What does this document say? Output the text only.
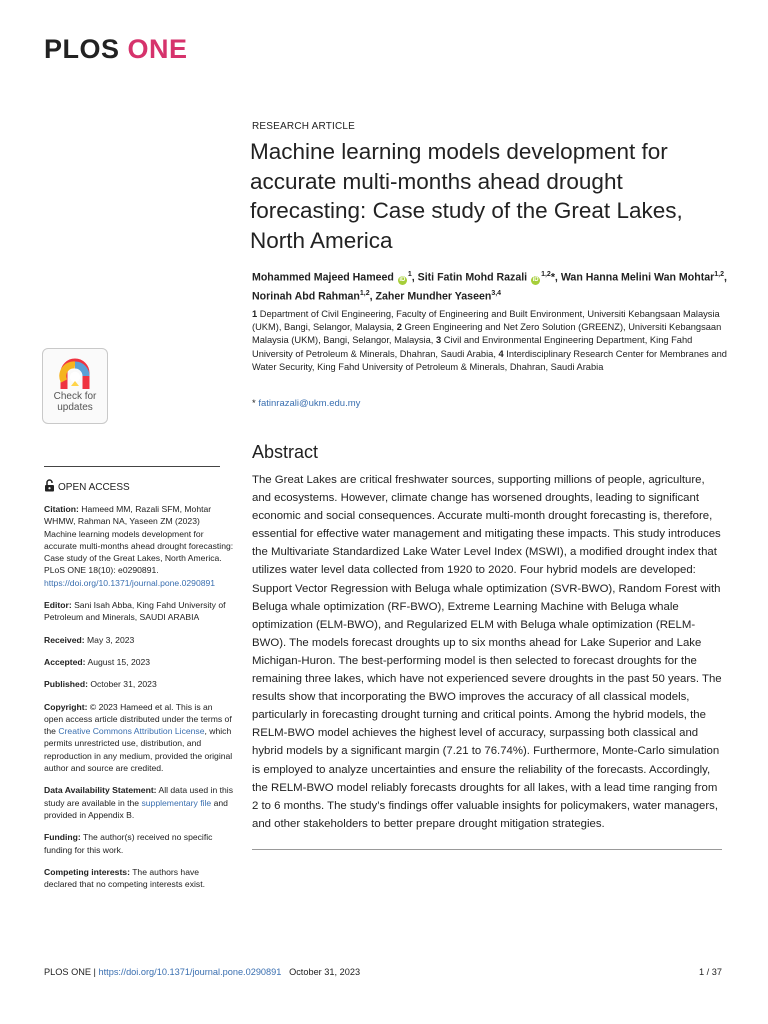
PLOS ONE
Check for
updates
RESEARCH ARTICLE
Machine learning models development for accurate multi-months ahead drought forecasting: Case study of the Great Lakes, North America
Mohammed Majeed Hameed $iD^1$, Siti Fatin Mohd Razali iD$^{1,2}$*, Wan Hanna Melini Wan Mohtar$^{1,2}$, Norinah Abd Rahman$^{1,2}$, Zaher Mundher Yaseen$^{3,4}$
1 Department of Civil Engineering, Faculty of Engineering and Built Environment, Universiti Kebangsaan Malaysia (UKM), Bangi, Selangor, Malaysia, 2 Green Engineering and Net Zero Solution (GREENZ), Universiti Kebangsaan Malaysia (UKM), Bangi, Selangor, Malaysia, 3 Civil and Environmental Engineering Department, King Fahd University of Petroleum & Minerals, Dhahran, Saudi Arabia, 4 Interdisciplinary Research Center for Membranes and Water Security, King Fahd University of Petroleum & Minerals, Dhahran, Saudi Arabia
* fatinrazali@ukm.edu.my
Abstract

The Great Lakes are critical freshwater sources, supporting millions of people, agriculture, and ecosystems. However, climate change has worsened droughts, leading to significant economic and social consequences. Accurate multi-month drought forecasting is, therefore, essential for effective water management and mitigating these impacts. This study introduces the Multivariate Standardized Lake Water Level Index (MSWI), a modified drought index that utilizes water level data collected from 1920 to 2020. Four hybrid models are developed: Support Vector Regression with Beluga whale optimization (SVR-BWO), Random Forest with Beluga whale optimization (RF-BWO), Extreme Learning Machine with Beluga whale optimization (ELM-BWO), and Regularized ELM with Beluga whale optimization (RELM-BWO). The models forecast droughts up to six months ahead for Lake Superior and Lake Michigan-Huron. The best-performing model is then selected to forecast droughts for the remaining three lakes, which have not experienced severe droughts in the past 50 years. The results show that incorporating the BWO improves the accuracy of all classical models, particularly in forecasting drought turning and critical points. Among the hybrid models, the RELM-BWO model achieves the highest level of accuracy, surpassing both classical and hybrid models by a significant margin (7.21 to 76.74%). Furthermore, Monte-Carlo simulation is employed to analyze uncertainties and ensure the reliability of the forecasts. Accordingly, the RELM-BWO model reliably forecasts droughts for all lakes, with a lead time ranging from 2 to 6 months. The study’s findings offer valuable insights for policymakers, water managers, and other stakeholders to better prepare drought mitigation strategies.

OPEN ACCESS

Citation: Hameed MM, Razali SFM, Mohtar WHMW, Rahman NA, Yaseen ZM (2023) Machine learning models development for accurate multi-months ahead drought forecasting: Case study of the Great Lakes, North America. PLoS ONE 18(10): e0290891. https://doi.org/10.1371/journal.pone.0290891

Editor: Sani Isah Abba, King Fahd University of Petroleum and Minerals, SAUDI ARABIA

Received: May 3, 2023

Accepted: August 15, 2023

Published: October 31, 2023

Copyright: © 2023 Hameed et al. This is an open access article distributed under the terms of the Creative Commons Attribution License, which permits unrestricted use, distribution, and reproduction in any medium, provided the original author and source are credited.

Data Availability Statement: All data used in this study are available in the supplementary file and provided in Appendix B.

Funding: The author(s) received no specific funding for this work.

Competing interests: The authors have declared that no competing interests exist.

PLOS ONE | https://doi.org/10.1371/journal.pone.0290891 October 31, 2023	1 / 37
